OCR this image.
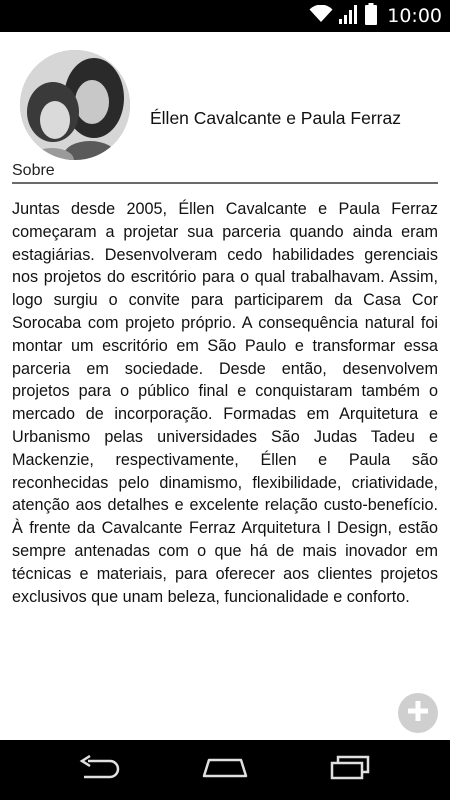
10:00
Éllen Cavalcante e Paula Ferraz
Sobre

Juntas desde 2005, Éllen Cavalcante e Paula Ferraz começaram a projetar sua parceria quando ainda eram estagiárias. Desenvolveram cedo habilidades gerenciais nos projetos do escritório para o qual trabalhavam. Assim, logo surgiu o convite para participarem da Casa Cor Sorocaba com projeto próprio. A consequência natural foi montar um escritório em São Paulo e transformar essa parceria em sociedade. Desde então, desenvolvem projetos para o público final e conquistaram também o mercado de incorporação. Formadas em Arquitetura e Urbanismo pelas universidades São Judas Tadeu e Mackenzie, respectivamente, Éllen e Paula são reconhecidas pelo dinamismo, flexibilidade, criatividade, atenção aos detalhes e excelente relação custo-benefício. À frente da Cavalcante Ferraz Arquitetura l Design, estão sempre antenadas com o que há de mais inovador em técnicas e materiais, para oferecer aos clientes projetos exclusivos que unam beleza, funcionalidade e conforto.
